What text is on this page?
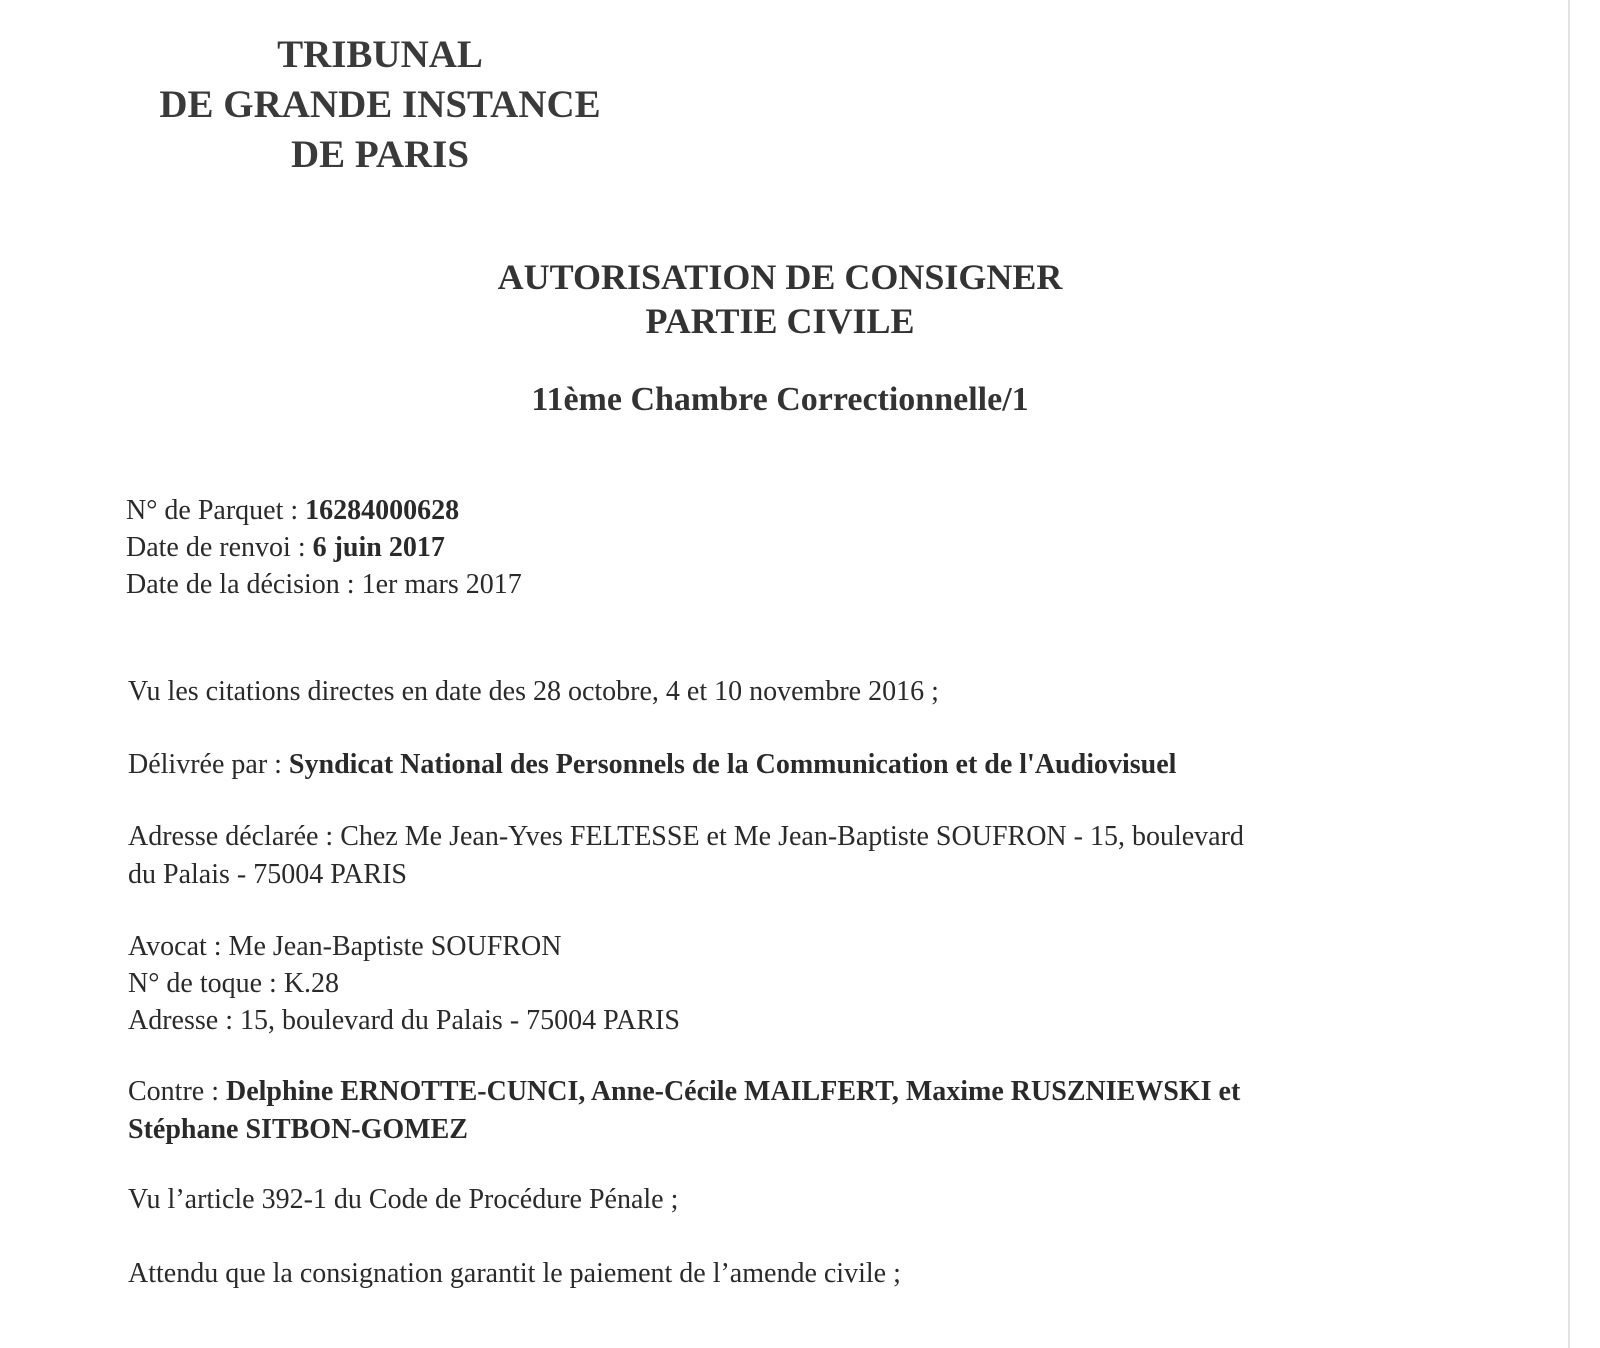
TRIBUNAL
DE GRANDE INSTANCE
DE PARIS
AUTORISATION DE CONSIGNER
PARTIE CIVILE
11ème Chambre Correctionnelle/1
N° de Parquet : 16284000628
Date de renvoi : 6 juin 2017
Date de la décision : 1er mars 2017
Vu les citations directes en date des 28 octobre, 4 et 10 novembre 2016 ;
Délivrée par : Syndicat National des Personnels de la Communication et de l'Audiovisuel
Adresse déclarée : Chez Me Jean-Yves FELTESSE et Me Jean-Baptiste SOUFRON - 15, boulevard
du Palais - 75004 PARIS
Avocat : Me Jean-Baptiste SOUFRON
N° de toque : K.28
Adresse : 15, boulevard du Palais - 75004 PARIS
Contre : Delphine ERNOTTE-CUNCI, Anne-Cécile MAILFERT, Maxime RUSZNIEWSKI et
Stéphane SITBON-GOMEZ
Vu l’article 392-1 du Code de Procédure Pénale ;
Attendu que la consignation garantit le paiement de l’amende civile ;
